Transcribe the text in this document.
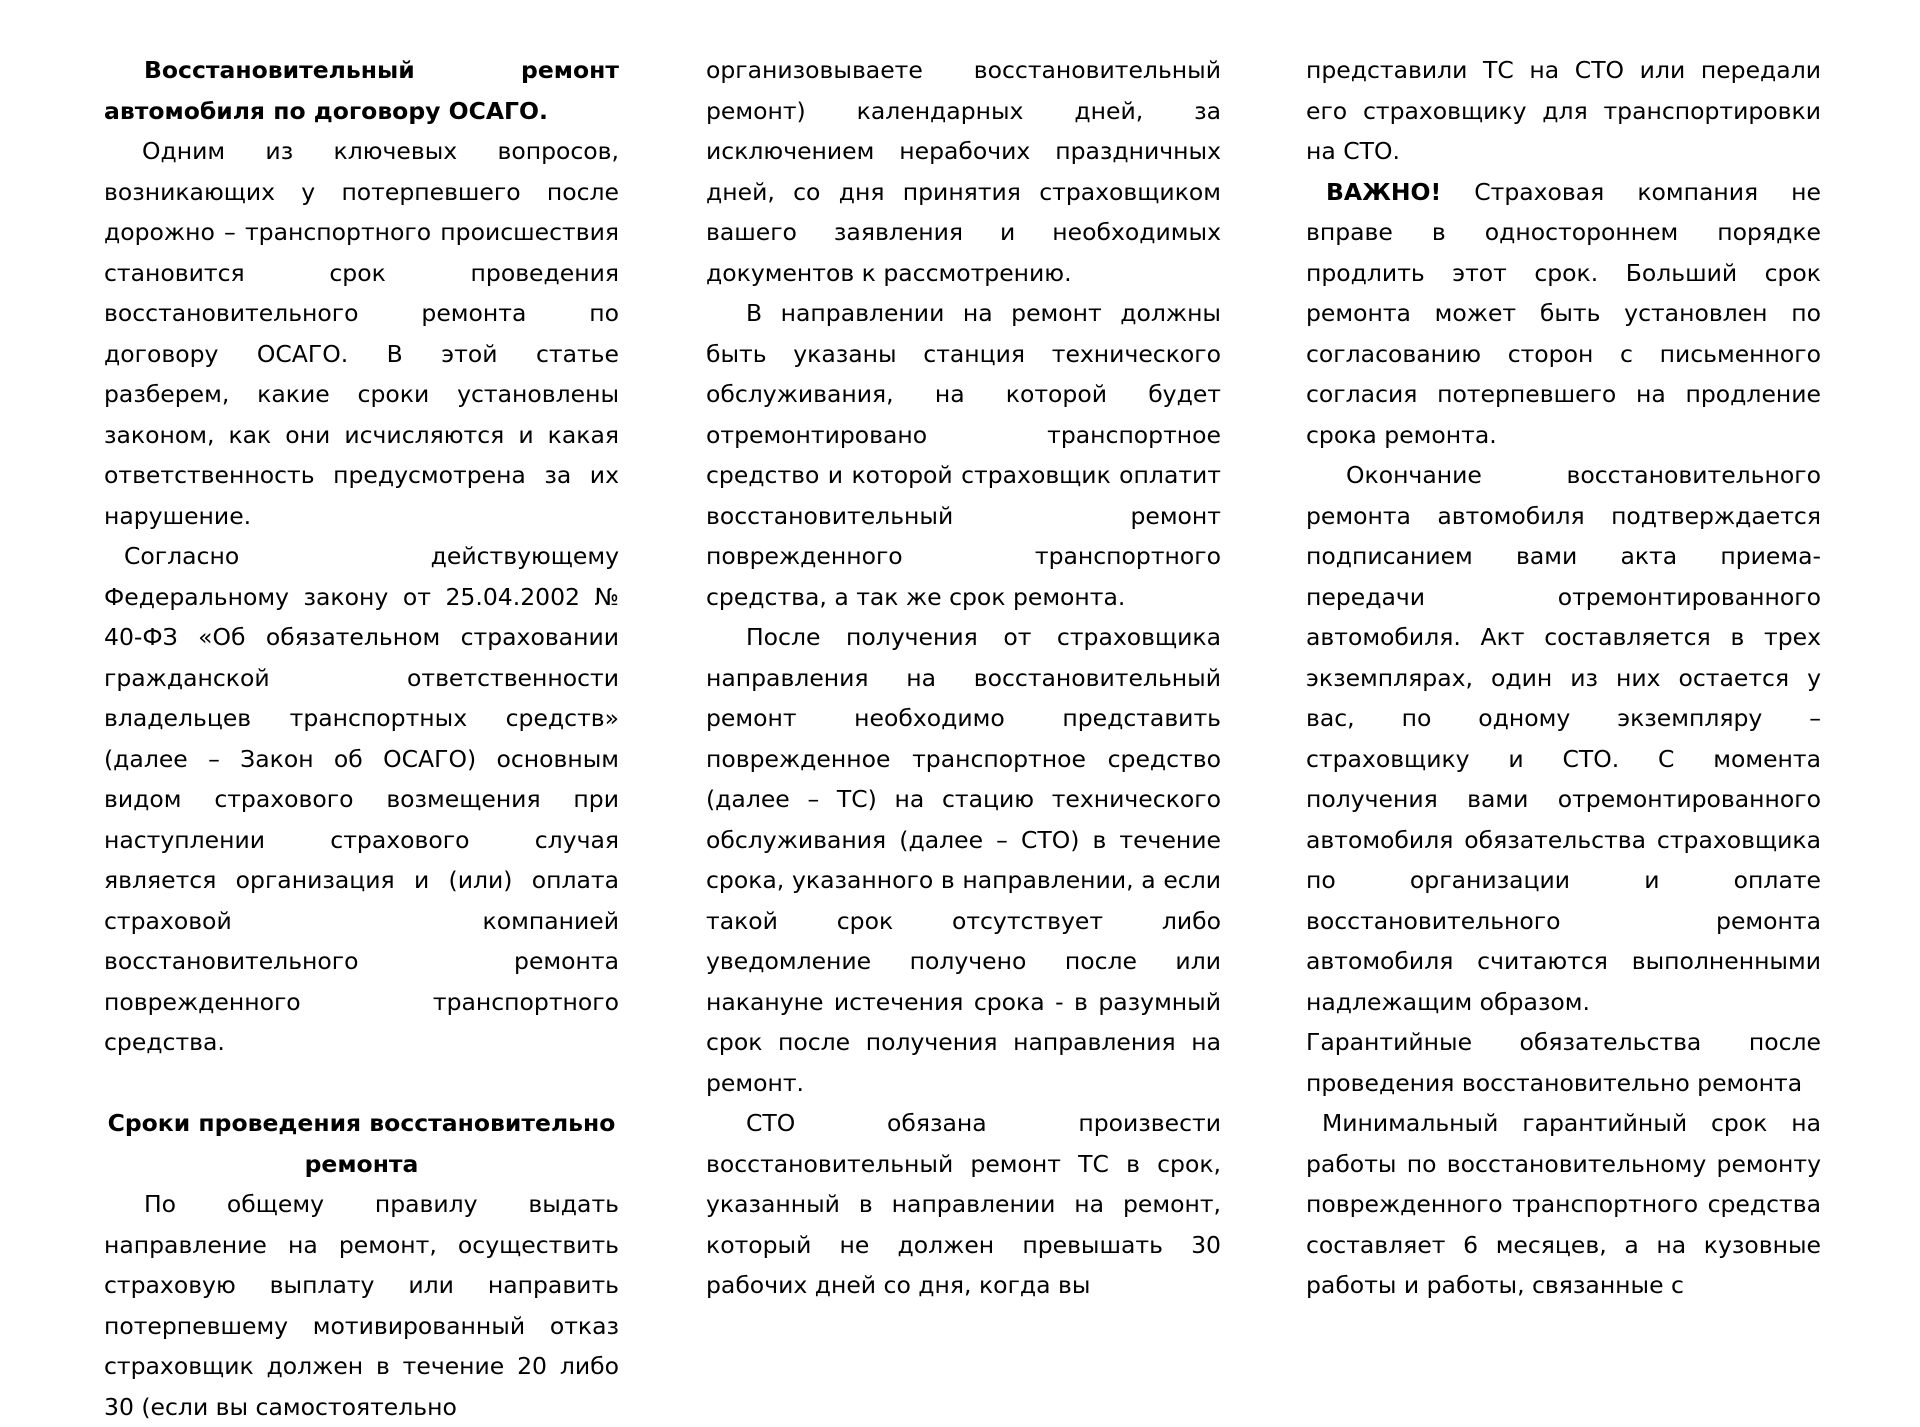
Восстановительный ремонт автомобиля по договору ОСАГО.

Одним из ключевых вопросов, возникающих у потерпевшего после дорожно – транспортного происшествия становится срок проведения восстановительного ремонта по договору ОСАГО. В этой статье разберем, какие сроки установлены законом, как они исчисляются и какая ответственность предусмотрена за их нарушение.

Согласно действующему Федеральному закону от 25.04.2002 № 40-ФЗ «Об обязательном страховании гражданской ответственности владельцев транспортных средств» (далее – Закон об ОСАГО) основным видом страхового возмещения при наступлении страхового случая является организация и (или) оплата страховой компанией восстановительного ремонта поврежденного транспортного средства.

Сроки проведения восстановительно ремонта

По общему правилу выдать направление на ремонт, осуществить страховую выплату или направить потерпевшему мотивированный отказ страховщик должен в течение 20 либо 30 (если вы самостоятельно

организовываете восстановительный ремонт) календарных дней, за исключением нерабочих праздничных дней, со дня принятия страховщиком вашего заявления и необходимых документов к рассмотрению.

В направлении на ремонт должны быть указаны станция технического обслуживания, на которой будет отремонтировано транспортное средство и которой страховщик оплатит восстановительный ремонт поврежденного транспортного средства, а так же срок ремонта.

После получения от страховщика направления на восстановительный ремонт необходимо представить поврежденное транспортное средство (далее – ТС) на стацию технического обслуживания (далее – СТО) в течение срока, указанного в направлении, а если такой срок отсутствует либо уведомление получено после или накануне истечения срока - в разумный срок после получения направления на ремонт.

СТО обязана произвести восстановительный ремонт ТС в срок, указанный в направлении на ремонт, который не должен превышать 30 рабочих дней со дня, когда вы

представили ТС на СТО или передали его страховщику для транспортировки на СТО.

ВАЖНО! Страховая компания не вправе в одностороннем порядке продлить этот срок. Больший срок ремонта может быть установлен по согласованию сторон с письменного согласия потерпевшего на продление срока ремонта.

Окончание восстановительного ремонта автомобиля подтверждается подписанием вами акта приема-передачи отремонтированного автомобиля. Акт составляется в трех экземплярах, один из них остается у вас, по одному экземпляру – страховщику и СТО. С момента получения вами отремонтированного автомобиля обязательства страховщика по организации и оплате восстановительного ремонта автомобиля считаются выполненными надлежащим образом.

Гарантийные обязательства после проведения восстановительно ремонта

Минимальный гарантийный срок на работы по восстановительному ремонту поврежденного транспортного средства составляет 6 месяцев, а на кузовные работы и работы, связанные с
